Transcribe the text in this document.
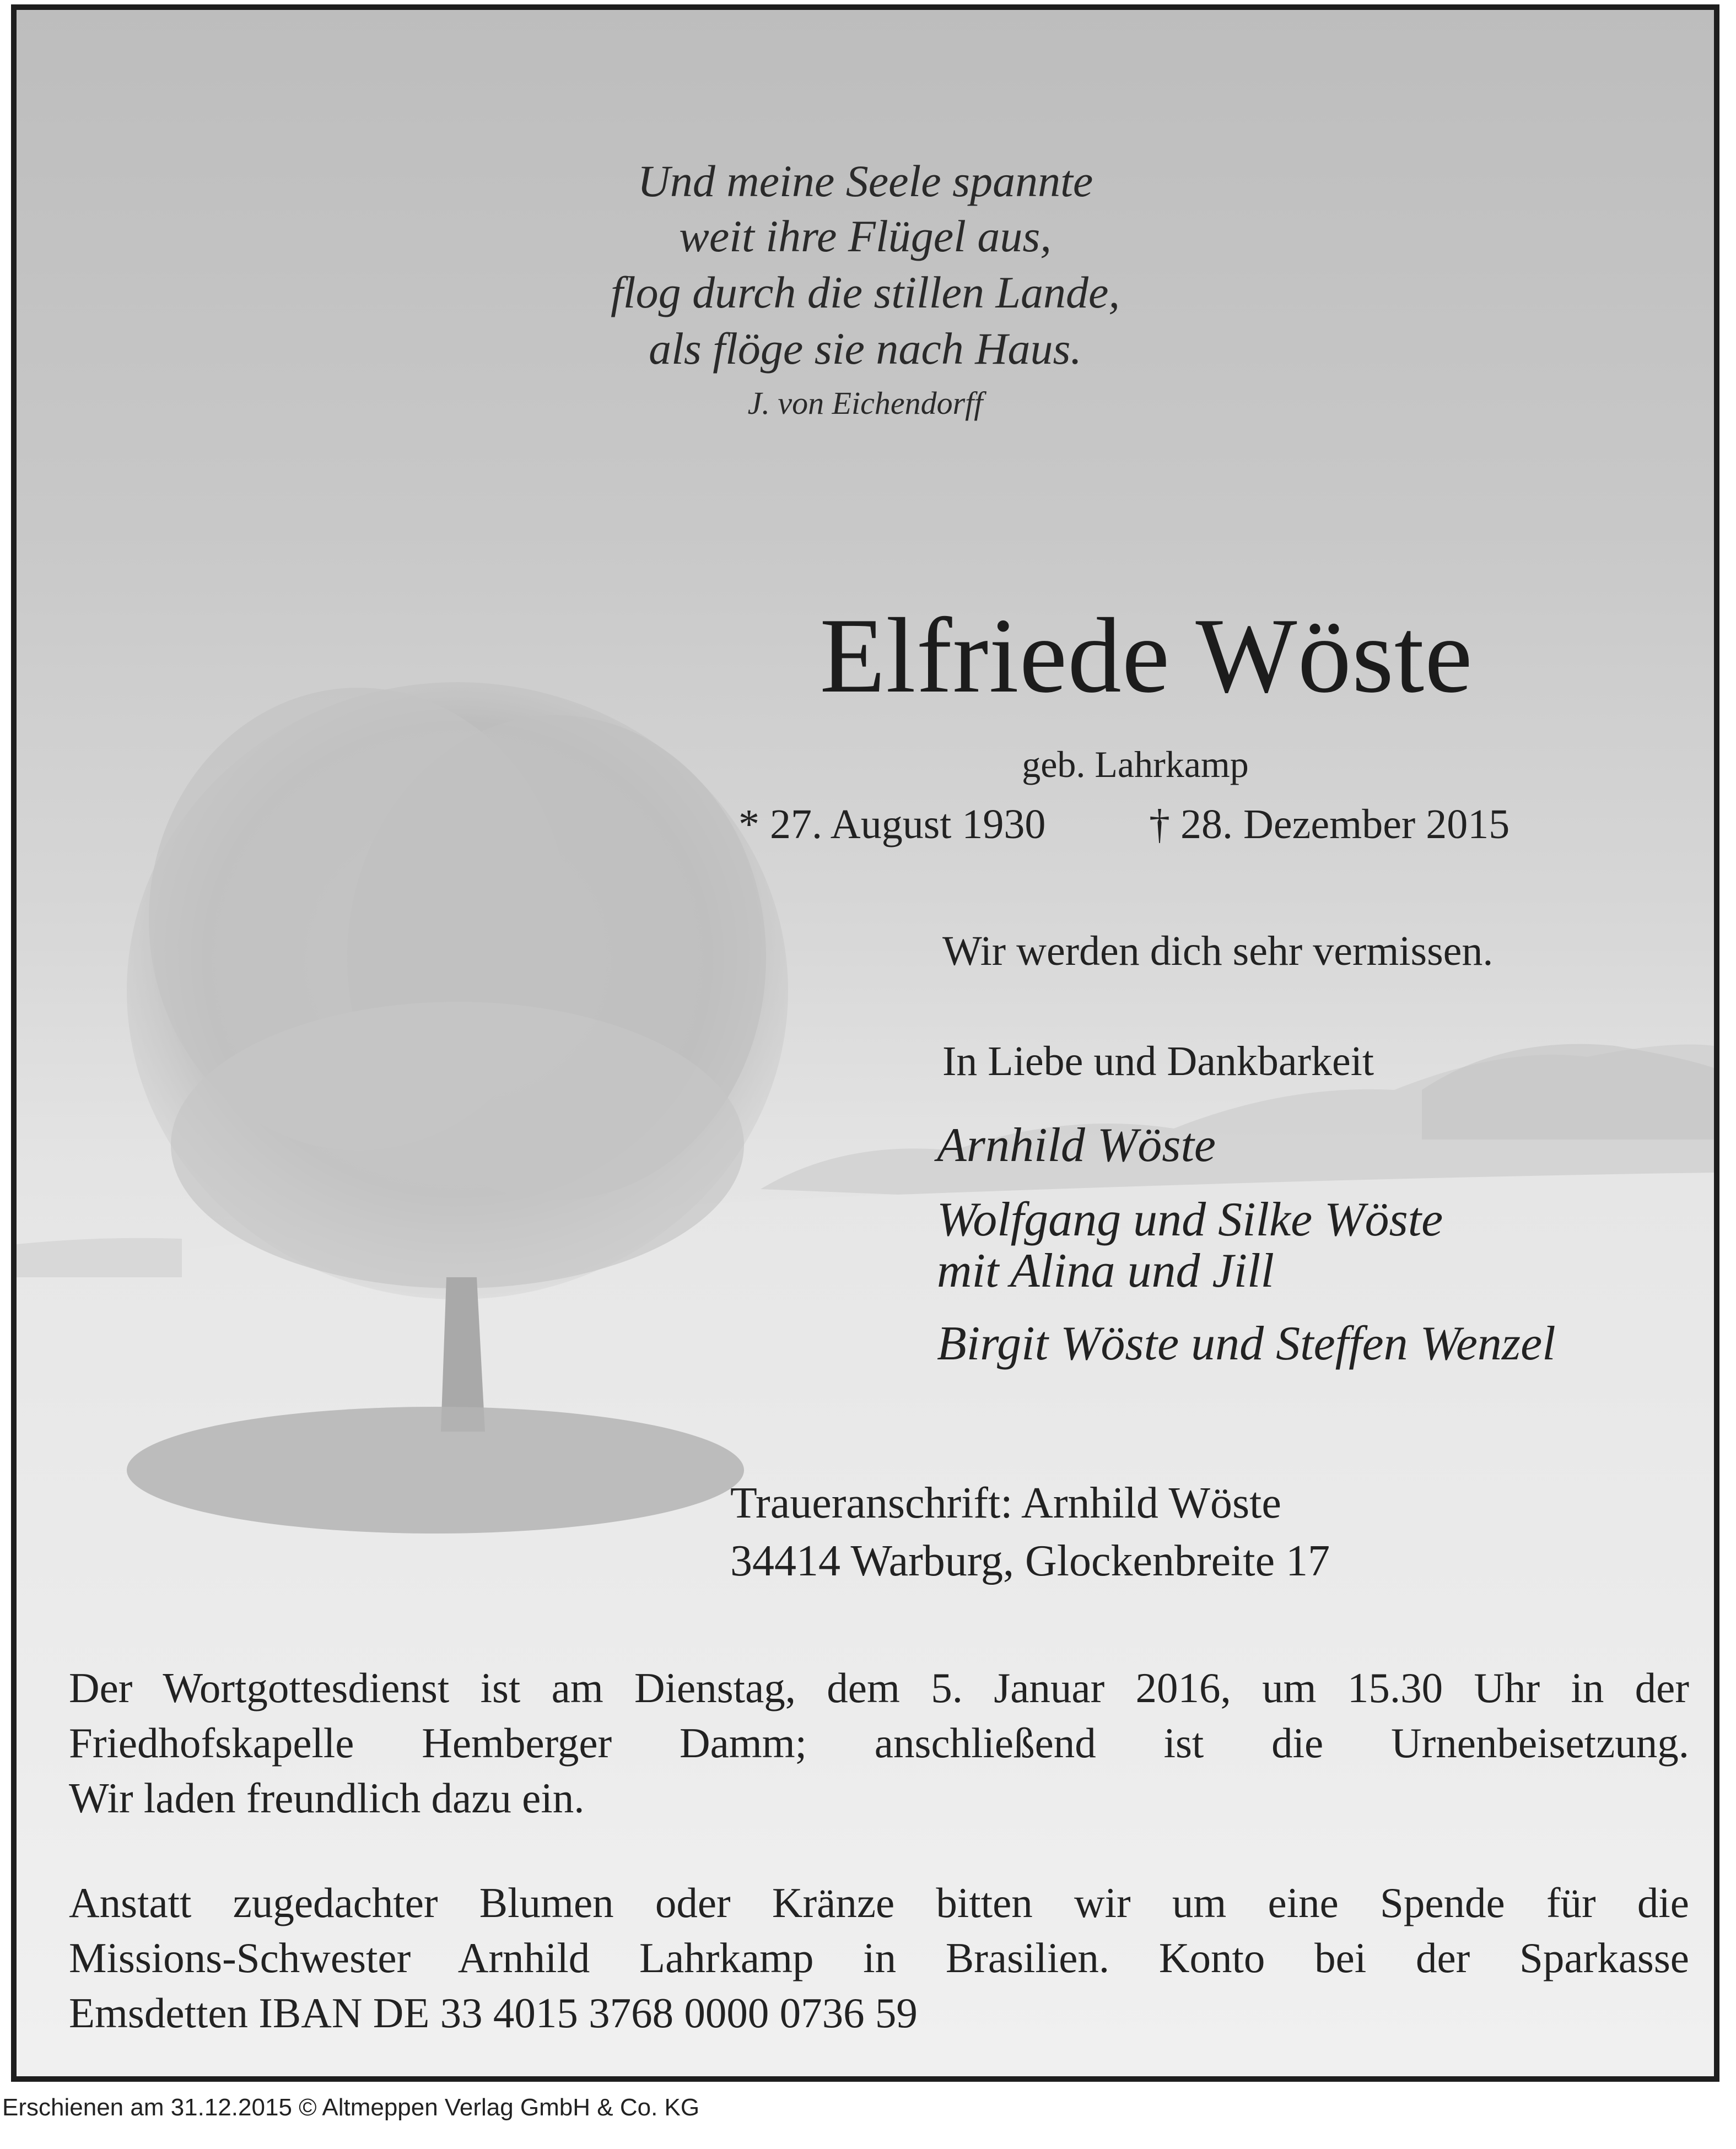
Und meine Seele spannte
weit ihre Flügel aus,
flog durch die stillen Lande,
als flöge sie nach Haus.
J. von Eichendorff
Elfriede Wöste
geb. Lahrkamp
* 27. August 1930 † 28. Dezember 2015
Wir werden dich sehr vermissen.
In Liebe und Dankbarkeit
Arnhild Wöste
Wolfgang und Silke Wöste
mit Alina und Jill
Birgit Wöste und Steffen Wenzel
Traueranschrift: Arnhild Wöste
34414 Warburg, Glockenbreite 17
Der Wortgottesdienst ist am Dienstag, dem 5. Januar 2016, um 15.30 Uhr in der
Friedhofskapelle Hemberger Damm; anschließend ist die Urnenbeisetzung.
Wir laden freundlich dazu ein.
Anstatt zugedachter Blumen oder Kränze bitten wir um eine Spende für die
Missions-Schwester Arnhild Lahrkamp in Brasilien. Konto bei der Sparkasse
Emsdetten IBAN DE 33 4015 3768 0000 0736 59
Erschienen am 31.12.2015 © Altmeppen Verlag GmbH & Co. KG
